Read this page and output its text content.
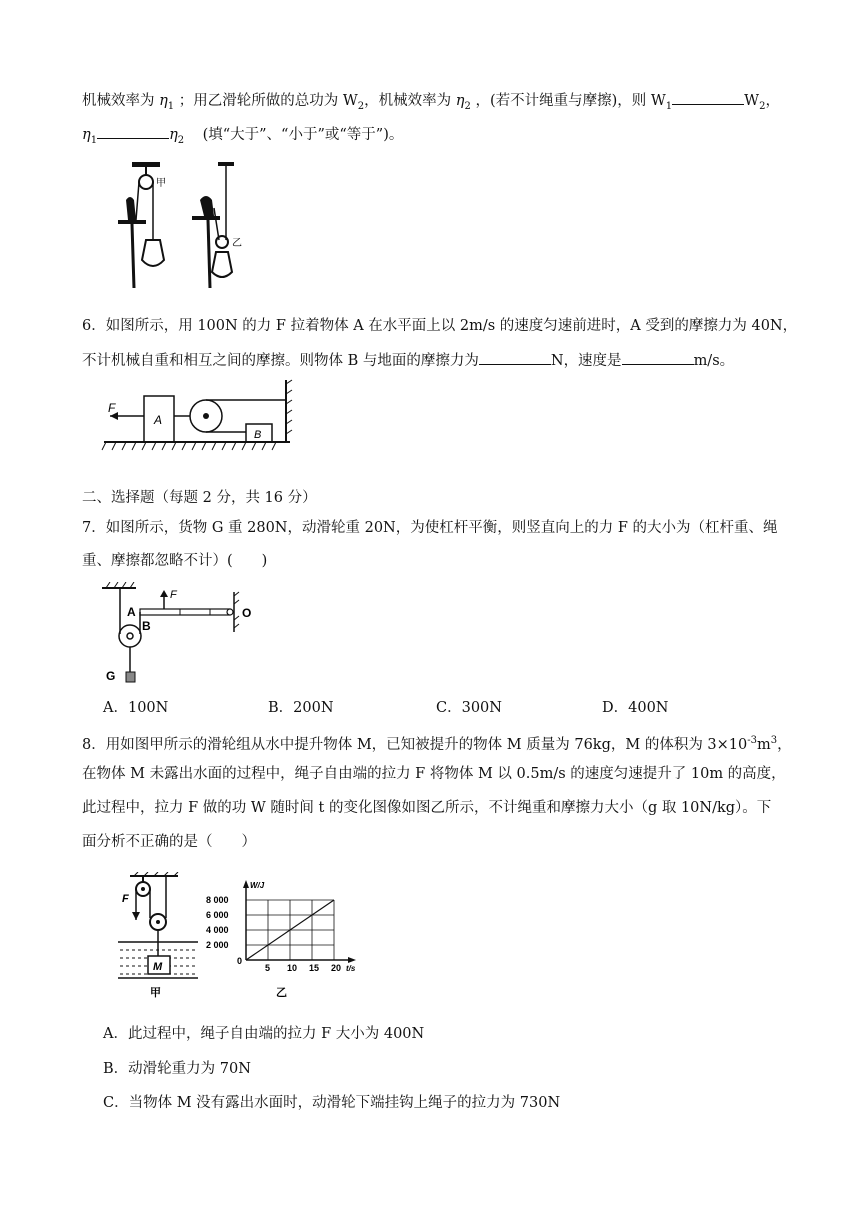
机械效率为 $\eta_1$ ；用乙滑轮所做的总功为 $W_2$，机械效率为 $\eta_2$ ，(若不计绳重与摩擦)，则 $W_1$	$W_2$，
$\eta_1$	$\eta_2$ (填“大于”、“小于”或“等于”)。
甲
乙
6．如图所示，用 100N 的力 F 拉着物体 A 在水平面上以 2m/s 的速度匀速前进时，A 受到的摩擦力为 40N，
不计机械自重和相互之间的摩擦。则物体 B 与地面的摩擦力为	N，速度是	m/s。
A
F
B
二、选择题（每题 2 分，共 16 分）
7．如图所示，货物 G 重 280N，动滑轮重 20N，为使杠杆平衡，则竖直向上的力 F 的大小为（杠杆重、绳
重、摩擦都忽略不计）(　　)
G
A
B
F
O
A．100N	B．200N	C．300N	D．400N
8．用如图甲所示的滑轮组从水中提升物体 M，已知被提升的物体 M 质量为 76kg，M 的体积为 $3\times 10^{-3}m^3$，
在物体 M 未露出水面的过程中，绳子自由端的拉力 F 将物体 M 以 0.5m/s 的速度匀速提升了 10m 的高度，
此过程中，拉力 F 做的功 W 随时间 t 的变化图像如图乙所示，不计绳重和摩擦力大小（g 取 10N/kg）。下
面分析不正确的是（　　）
F
M
甲
5 10 15 20
2 000
4 000
6 000
8 000
W/J
t/s
0
乙
A．此过程中，绳子自由端的拉力 F 大小为 400N
B．动滑轮重力为 70N
C．当物体 M 没有露出水面时，动滑轮下端挂钩上绳子的拉力为 730N
